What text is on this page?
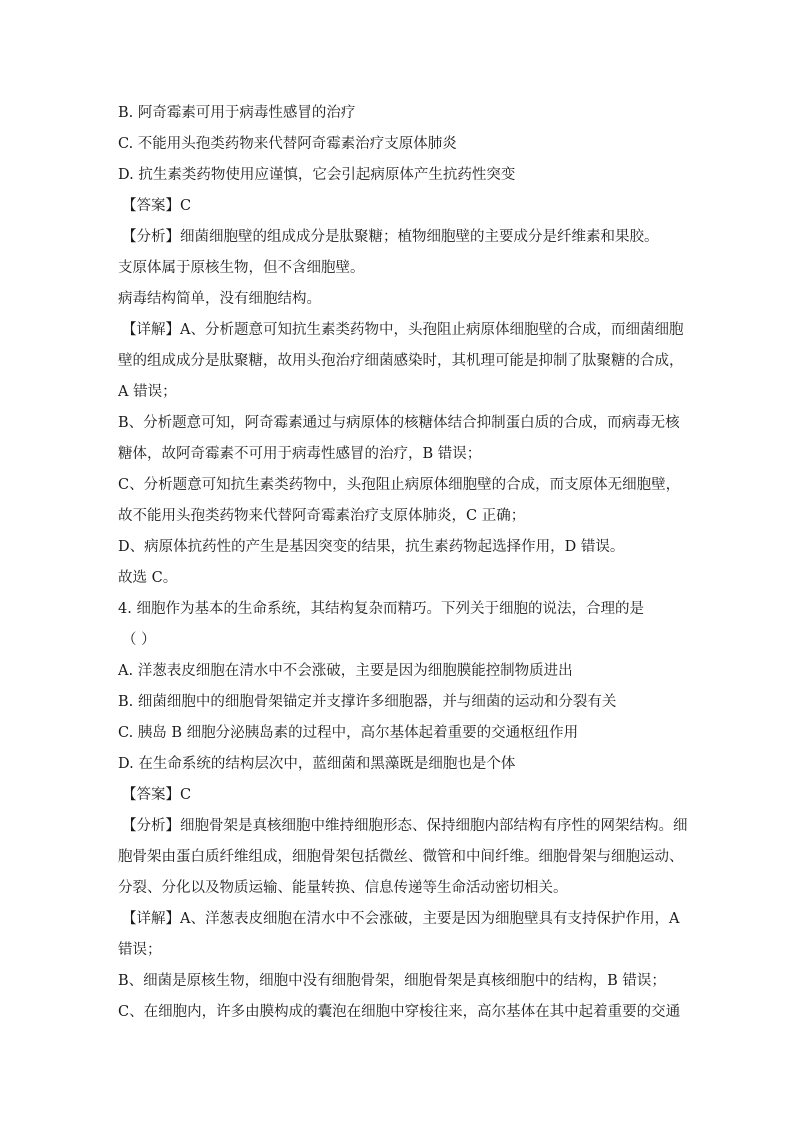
B. 阿奇霉素可用于病毒性感冒的治疗
C. 不能用头孢类药物来代替阿奇霉素治疗支原体肺炎
D. 抗生素类药物使用应谨慎，它会引起病原体产生抗药性突变
【答案】C
【分析】细菌细胞壁的组成成分是肽聚糖；植物细胞壁的主要成分是纤维素和果胶。
支原体属于原核生物，但不含细胞壁。
病毒结构简单，没有细胞结构。
【详解】A、分析题意可知抗生素类药物中，头孢阻止病原体细胞壁的合成，而细菌细胞
壁的组成成分是肽聚糖，故用头孢治疗细菌感染时，其机理可能是抑制了肽聚糖的合成，
A 错误；
B、分析题意可知，阿奇霉素通过与病原体的核糖体结合抑制蛋白质的合成，而病毒无核
糖体，故阿奇霉素不可用于病毒性感冒的治疗，B 错误；
C、分析题意可知抗生素类药物中，头孢阻止病原体细胞壁的合成，而支原体无细胞壁，
故不能用头孢类药物来代替阿奇霉素治疗支原体肺炎，C 正确；
D、病原体抗药性的产生是基因突变的结果，抗生素药物起选择作用，D 错误。
故选 C。
4. 细胞作为基本的生命系统，其结构复杂而精巧。下列关于细胞的说法，合理的是
（ ）
A. 洋葱表皮细胞在清水中不会涨破，主要是因为细胞膜能控制物质进出
B. 细菌细胞中的细胞骨架锚定并支撑许多细胞器，并与细菌的运动和分裂有关
C. 胰岛 B 细胞分泌胰岛素的过程中，高尔基体起着重要的交通枢纽作用
D. 在生命系统的结构层次中，蓝细菌和黑藻既是细胞也是个体
【答案】C
【分析】细胞骨架是真核细胞中维持细胞形态、保持细胞内部结构有序性的网架结构。细
胞骨架由蛋白质纤维组成，细胞骨架包括微丝、微管和中间纤维。细胞骨架与细胞运动、
分裂、分化以及物质运输、能量转换、信息传递等生命活动密切相关。
【详解】A、洋葱表皮细胞在清水中不会涨破，主要是因为细胞壁具有支持保护作用，A
错误；
B、细菌是原核生物，细胞中没有细胞骨架，细胞骨架是真核细胞中的结构，B 错误；
C、在细胞内，许多由膜构成的囊泡在细胞中穿梭往来，高尔基体在其中起着重要的交通
